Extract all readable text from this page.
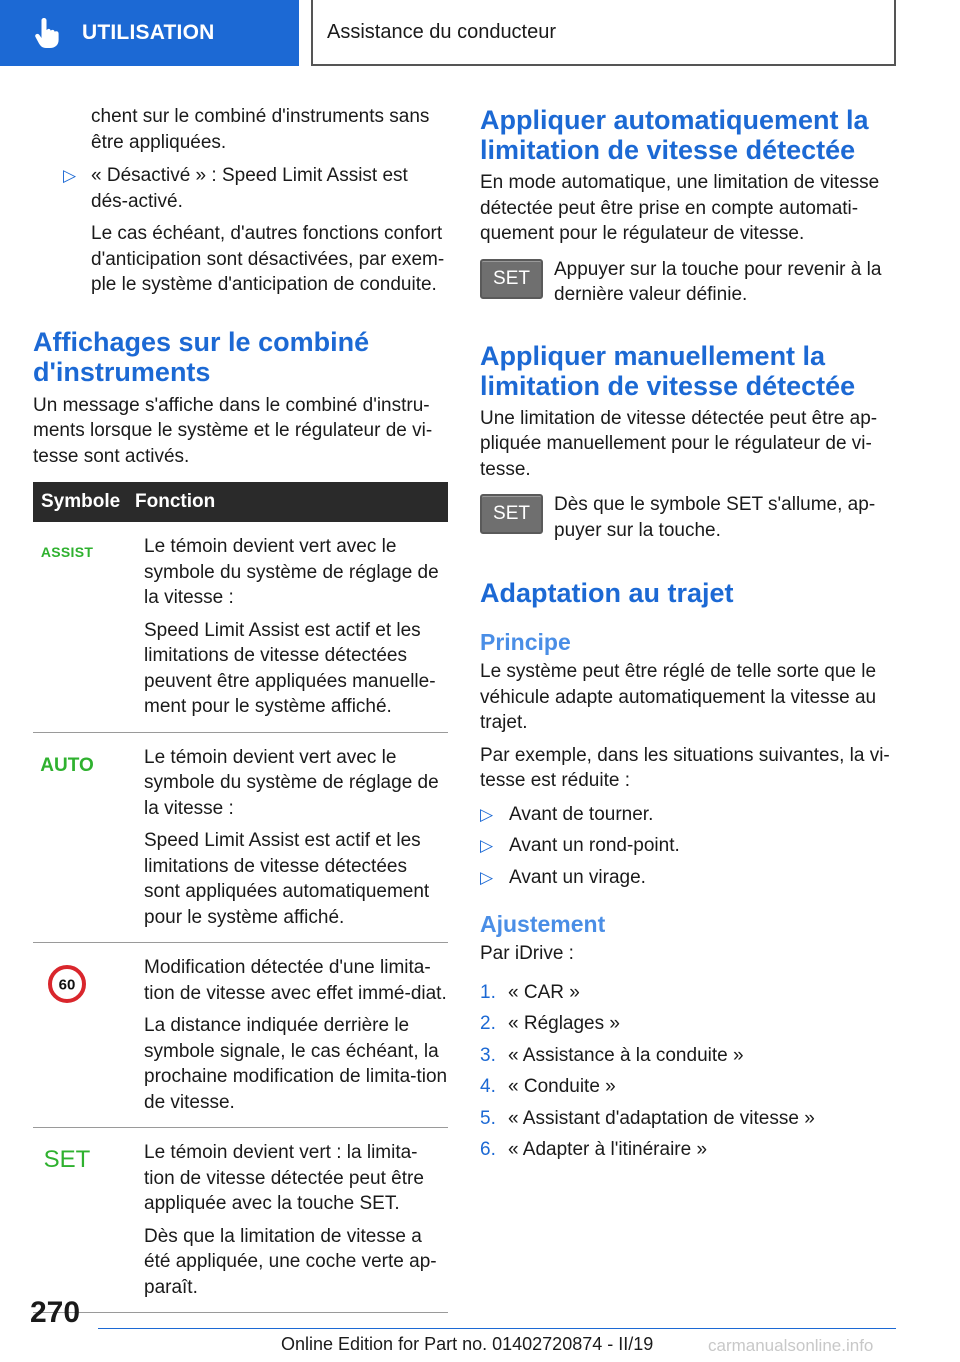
UTILISATION	Assistance du conducteur

chent sur le combiné d'instruments sans être appliquées.

▷ « Désactivé » : Speed Limit Assist est dés-activé.

Le cas échéant, d'autres fonctions confort d'anticipation sont désactivées, par exem-ple le système d'anticipation de conduite.

Affichages sur le combiné d'instruments

Un message s'affiche dans le combiné d'instru-ments lorsque le système et le régulateur de vi-tesse sont activés.

Symbole	Fonction

ASSIST	Le témoin devient vert avec le symbole du système de réglage de la vitesse :

Speed Limit Assist est actif et les limitations de vitesse détectées peuvent être appliquées manuelle-ment pour le système affiché.

AUTO	Le témoin devient vert avec le symbole du système de réglage de la vitesse :

Speed Limit Assist est actif et les limitations de vitesse détectées sont appliquées automatiquement pour le système affiché.

60	Modification détectée d'une limita-tion de vitesse avec effet immé-diat.

La distance indiquée derrière le symbole signale, le cas échéant, la prochaine modification de limita-tion de vitesse.

SET	Le témoin devient vert : la limita-tion de vitesse détectée peut être appliquée avec la touche SET.

Dès que la limitation de vitesse a été appliquée, une coche verte ap-paraît.

Appliquer automatiquement la limitation de vitesse détectée

En mode automatique, une limitation de vitesse détectée peut être prise en compte automati-quement pour le régulateur de vitesse.

SET	Appuyer sur la touche pour revenir à la dernière valeur définie.

Appliquer manuellement la limitation de vitesse détectée

Une limitation de vitesse détectée peut être ap-pliquée manuellement pour le régulateur de vi-tesse.

SET	Dès que le symbole SET s'allume, ap-puyer sur la touche.

Adaptation au trajet
Principe

Le système peut être réglé de telle sorte que le véhicule adapte automatiquement la vitesse au trajet.

Par exemple, dans les situations suivantes, la vi-tesse est réduite :

▷ Avant de tourner.

▷ Avant un rond-point.

▷ Avant un virage.

Ajustement

Par iDrive :

1. « CAR »

2. « Réglages »

3. « Assistance à la conduite »

4. « Conduite »

5. « Assistant d'adaptation de vitesse »

6. « Adapter à l'itinéraire »

270
Online Edition for Part no. 01402720874 - II/19	carmanualsonline.info
